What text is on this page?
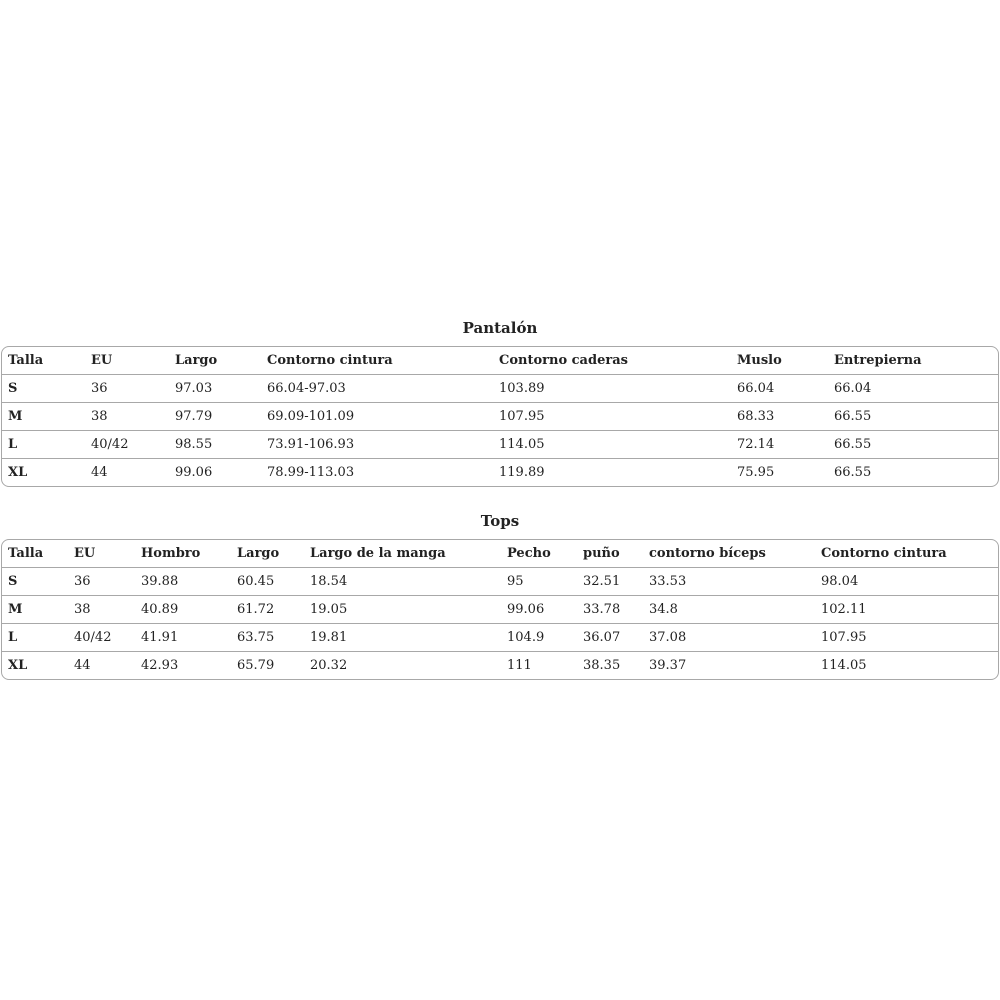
Pantalón
Talla	EU	Largo	Contorno cintura	Contorno caderas	Muslo	Entrepierna
S	36	97.03	66.04-97.03	103.89	66.04	66.04
M	38	97.79	69.09-101.09	107.95	68.33	66.55
L	40/42	98.55	73.91-106.93	114.05	72.14	66.55
XL	44	99.06	78.99-113.03	119.89	75.95	66.55
Tops
Talla	EU	Hombro	Largo	Largo de la manga	Pecho	puño	contorno bíceps	Contorno cintura
S	36	39.88	60.45	18.54	95	32.51	33.53	98.04
M	38	40.89	61.72	19.05	99.06	33.78	34.8	102.11
L	40/42	41.91	63.75	19.81	104.9	36.07	37.08	107.95
XL	44	42.93	65.79	20.32	111	38.35	39.37	114.05
